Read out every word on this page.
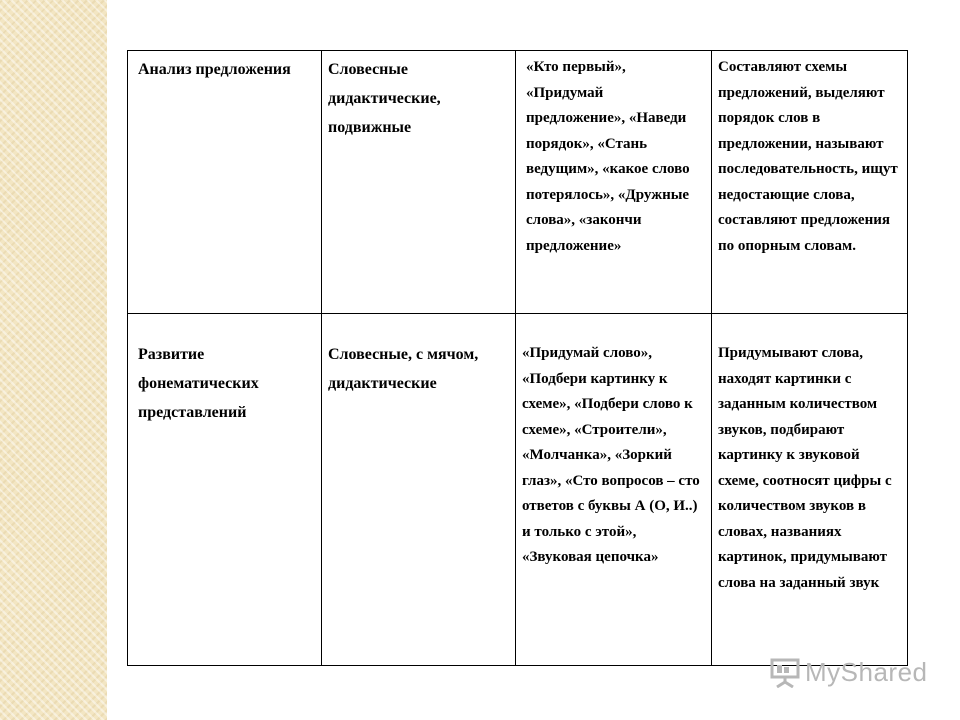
Анализ предложения	Словесные дидактические, подвижные	«Кто первый», «Придумай предложение», «Наведи порядок», «Стань ведущим», «какое слово потерялось», «Дружные слова», «закончи предложение»	Составляют схемы предложений, выделяют порядок слов в предложении, называют последовательность, ищут недостающие слова, составляют предложения по опорным словам.
Развитие фонематических представлений	Словесные, с мячом, дидактические	«Придумай слово», «Подбери картинку к схеме», «Подбери слово к схеме», «Строители», «Молчанка», «Зоркий глаз», «Сто вопросов – сто ответов с буквы А (О, И..) и только с этой», «Звуковая цепочка»	Придумывают слова, находят картинки с заданным количеством звуков, подбирают картинку к звуковой схеме, соотносят цифры с количеством звуков в словах, названиях картинок, придумывают слова на заданный звук
MyShared
